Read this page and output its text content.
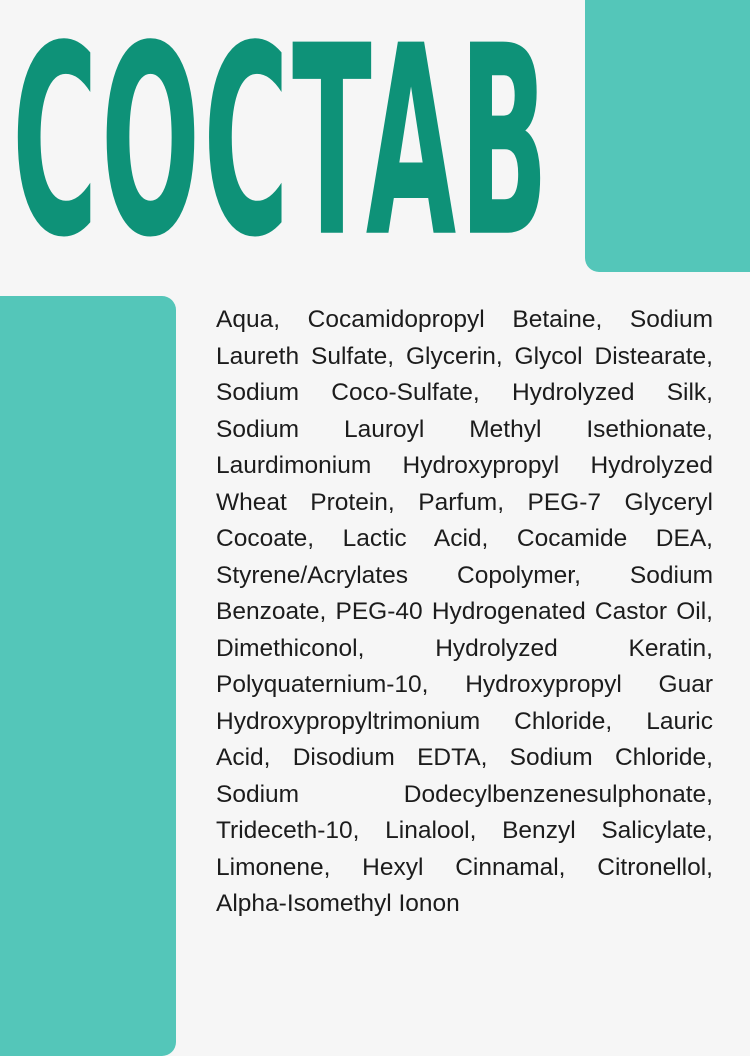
COCTAB

Aqua, Cocamidopropyl Betaine, Sodium Laureth Sulfate, Glycerin, Glycol Distearate, Sodium Coco-Sulfate, Hydrolyzed Silk, Sodium Lauroyl Methyl Isethionate, Laurdimonium Hydroxypropyl Hydrolyzed Wheat Protein, Parfum, PEG-7 Glyceryl Cocoate, Lactic Acid, Cocamide DEA, Styrene/Acrylates Copolymer, Sodium Benzoate, PEG-40 Hydrogenated Castor Oil, Dimethiconol, Hydrolyzed Keratin, Polyquaternium-10, Hydroxypropyl Guar Hydroxypropyltrimonium Chloride, Lauric Acid, Disodium EDTA, Sodium Chloride, Sodium Dodecylbenzenesulphonate, Trideceth-10, Linalool, Benzyl Salicylate, Limonene, Hexyl Cinnamal, Citronellol, Alpha-Isomethyl Ionon
